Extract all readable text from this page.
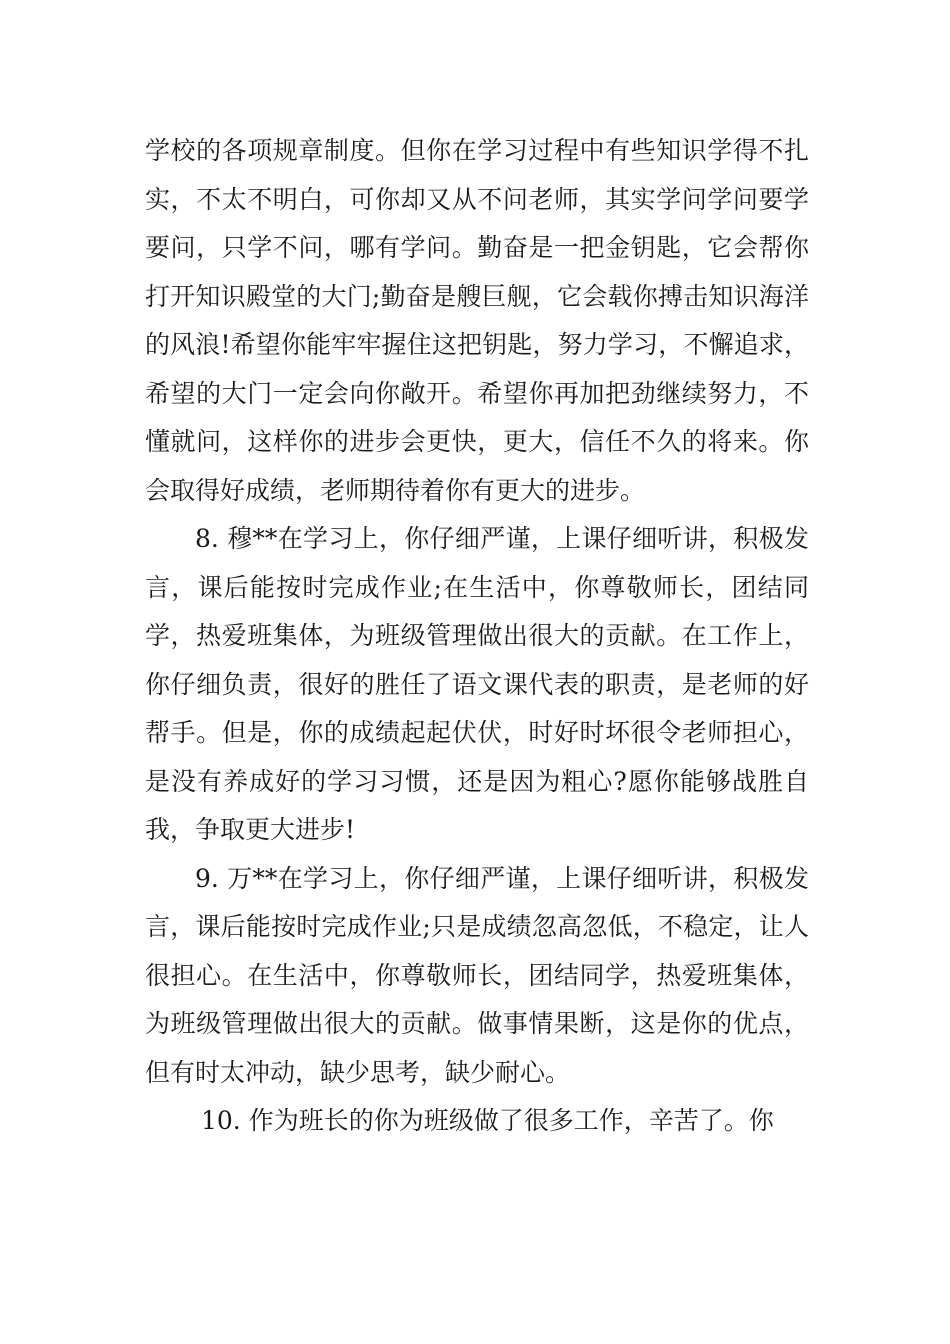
学校的各项规章制度。但你在学习过程中有些知识学得不扎实，不太不明白，可你却又从不问老师，其实学问学问要学要问，只学不问，哪有学问。勤奋是一把金钥匙，它会帮你打开知识殿堂的大门;勤奋是艘巨舰，它会载你搏击知识海洋的风浪!希望你能牢牢握住这把钥匙，努力学习，不懈追求，希望的大门一定会向你敞开。希望你再加把劲继续努力，不懂就问，这样你的进步会更快，更大，信任不久的将来。你会取得好成绩，老师期待着你有更大的进步。

8. 穆**在学习上，你仔细严谨，上课仔细听讲，积极发言，课后能按时完成作业;在生活中，你尊敬师长，团结同学，热爱班集体，为班级管理做出很大的贡献。在工作上，你仔细负责，很好的胜任了语文课代表的职责，是老师的好帮手。但是，你的成绩起起伏伏，时好时坏很令老师担心，是没有养成好的学习习惯，还是因为粗心?愿你能够战胜自我，争取更大进步!

9. 万**在学习上，你仔细严谨，上课仔细听讲，积极发言，课后能按时完成作业;只是成绩忽高忽低，不稳定，让人很担心。在生活中，你尊敬师长，团结同学，热爱班集体，为班级管理做出很大的贡献。做事情果断，这是你的优点，但有时太冲动，缺少思考，缺少耐心。

10. 作为班长的你为班级做了很多工作，辛苦了。你
